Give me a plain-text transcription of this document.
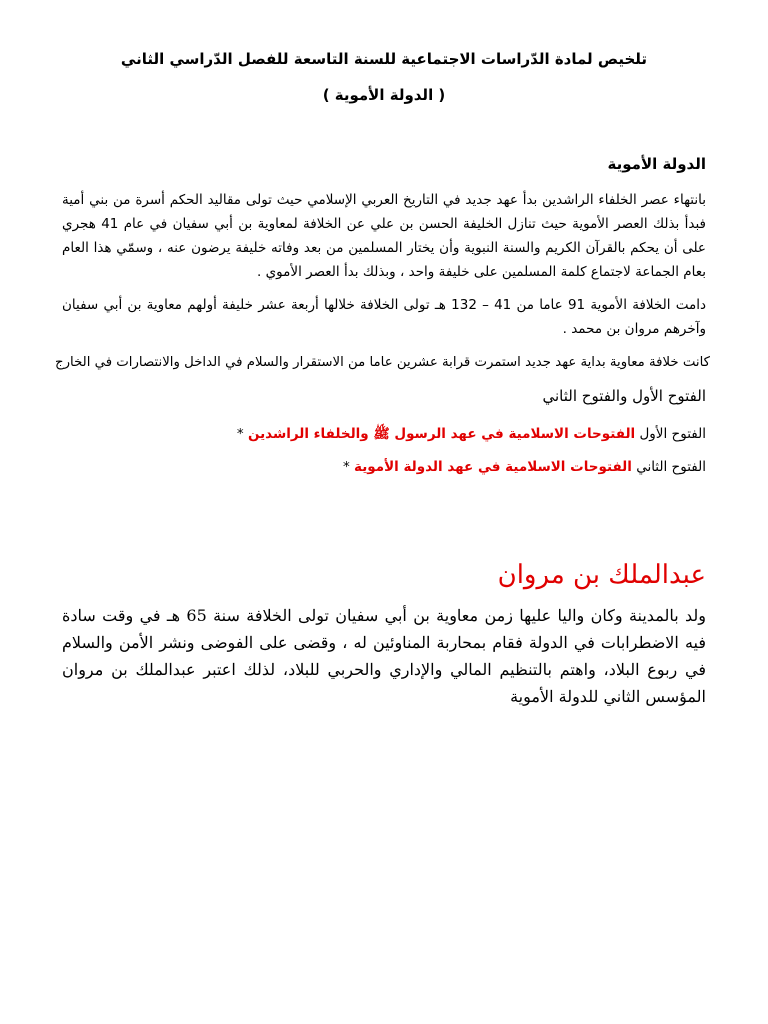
تلخيص لمادة الدّراسات الاجتماعية للسنة التاسعة للفصل الدّراسي الثاني
( الدولة الأموية )
الدولة الأموية
بانتهاء عصر الخلفاء الراشدين بدأ عهد جديد في التاريخ العربي الإسلامي حيث تولى مقاليد الحكم أسرة من بني أمية فبدأ بذلك العصر الأموية حيث تنازل الخليفة الحسن بن علي عن الخلافة لمعاوية بن أبي سفيان في عام 41 هجري على أن يحكم بالقرآن الكريم والسنة النبوية وأن يختار المسلمين من بعد وفاته خليفة يرضون عنه ، وسمّي هذا العام بعام الجماعة لاجتماع كلمة المسلمين على خليفة واحد ، وبذلك بدأ العصر الأموي .
دامت الخلافة الأموية 91 عاما من 41 – 132 هـ تولى الخلافة خلالها أربعة عشر خليفة أولهم معاوية بن أبي سفيان وآخرهم مروان بن محمد .
كانت خلافة معاوية بداية عهد جديد استمرت قرابة عشرين عاما من الاستقرار والسلام في الداخل والانتصارات في الخارج
الفتوح الأول والفتوح الثاني
الفتوح الأول الفتوحات الاسلامية في عهد الرسول ﷺ والخلفاء الراشدين *
الفتوح الثاني الفتوحات الاسلامية في عهد الدولة الأموية *
عبدالملك بن مروان
ولد بالمدينة وكان واليا عليها زمن معاوية بن أبي سفيان تولى الخلافة سنة 65 هـ في وقت سادة فيه الاضطرابات في الدولة فقام بمحاربة المناوئين له ، وقضى على الفوضى ونشر الأمن والسلام في ربوع البلاد، واهتم بالتنظيم المالي والإداري والحربي للبلاد، لذلك اعتبر عبدالملك بن مروان المؤسس الثاني للدولة الأموية
